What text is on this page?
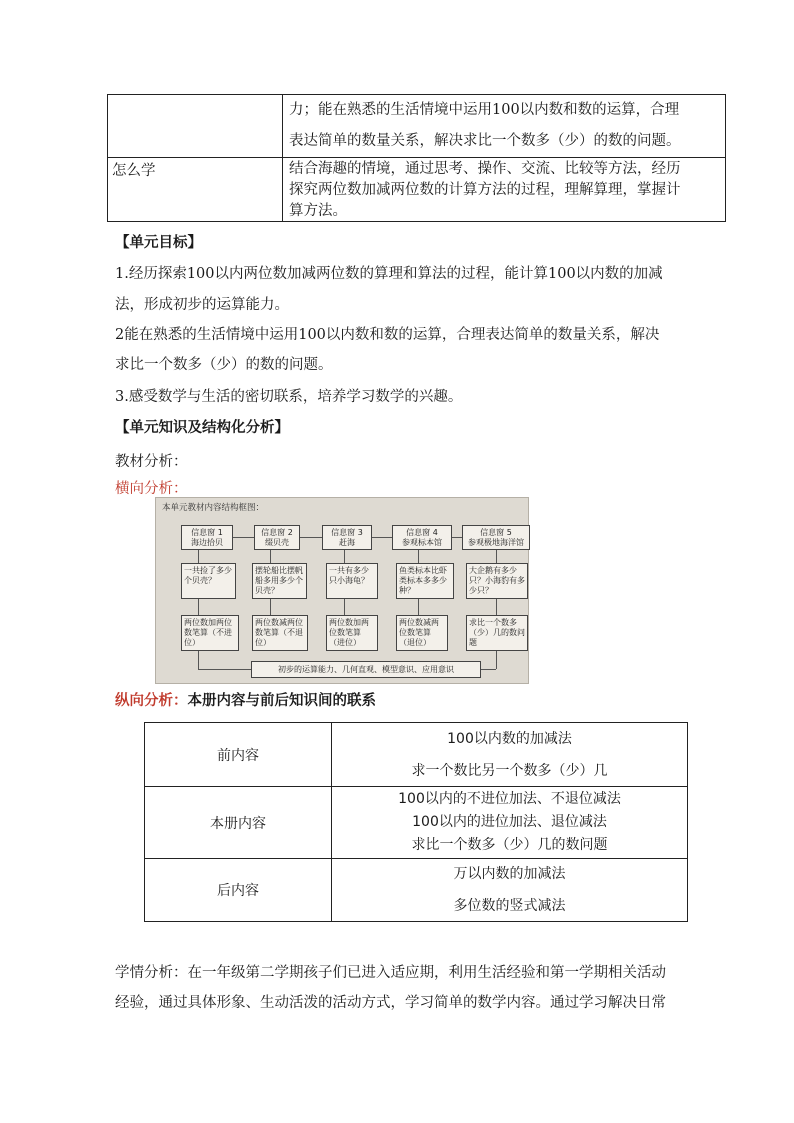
	力；能在熟悉的生活情境中运用100以内数和数的运算，合理

表达简单的数量关系，解决求比一个数多（少）的数的问题。

怎么学	结合海趣的情境，通过思考、操作、交流、比较等方法，经历

探究两位数加减两位数的计算方法的过程，理解算理，掌握计

算方法。

【单元目标】
1.经历探索100以内两位数加减两位数的算理和算法的过程，能计算100以内数的加减
法，形成初步的运算能力。
2能在熟悉的生活情境中运用100以内数和数的运算，合理表达简单的数量关系，解决
求比一个数多（少）的数的问题。
3.感受数学与生活的密切联系，培养学习数学的兴趣。
【单元知识及结构化分析】
教材分析：
横向分析：
本单元教材内容结构框图：
信息窗 1
海边拾贝
信息窗 2
缀贝壳
信息窗 3
赶海
信息窗 4
参观标本馆
信息窗 5
参观极地海洋馆
一共捡了多少个贝壳？
摆轮船比摆帆船多用多少个贝壳？
一共有多少只小海龟？
鱼类标本比虾类标本多多少种？
大企鹅有多少只？小海豹有多少只？
两位数加两位数笔算（不进位）
两位数减两位数笔算（不退位）
两位数加两位数笔算（进位）
两位数减两位数笔算（退位）
求比一个数多（少）几的数问题
初步的运算能力、几何直观、模型意识、应用意识
纵向分析：本册内容与前后知识间的联系
前内容	100以内数的加减法
求一个数比另一个数多（少）几

本册内容	100以内的不进位加法、不退位减法
100以内的进位加法、退位减法
求比一个数多（少）几的数问题

后内容	万以内数的加减法
多位数的竖式减法
学情分析：在一年级第二学期孩子们已进入适应期，利用生活经验和第一学期相关活动
经验，通过具体形象、生动活泼的活动方式，学习简单的数学内容。通过学习解决日常
